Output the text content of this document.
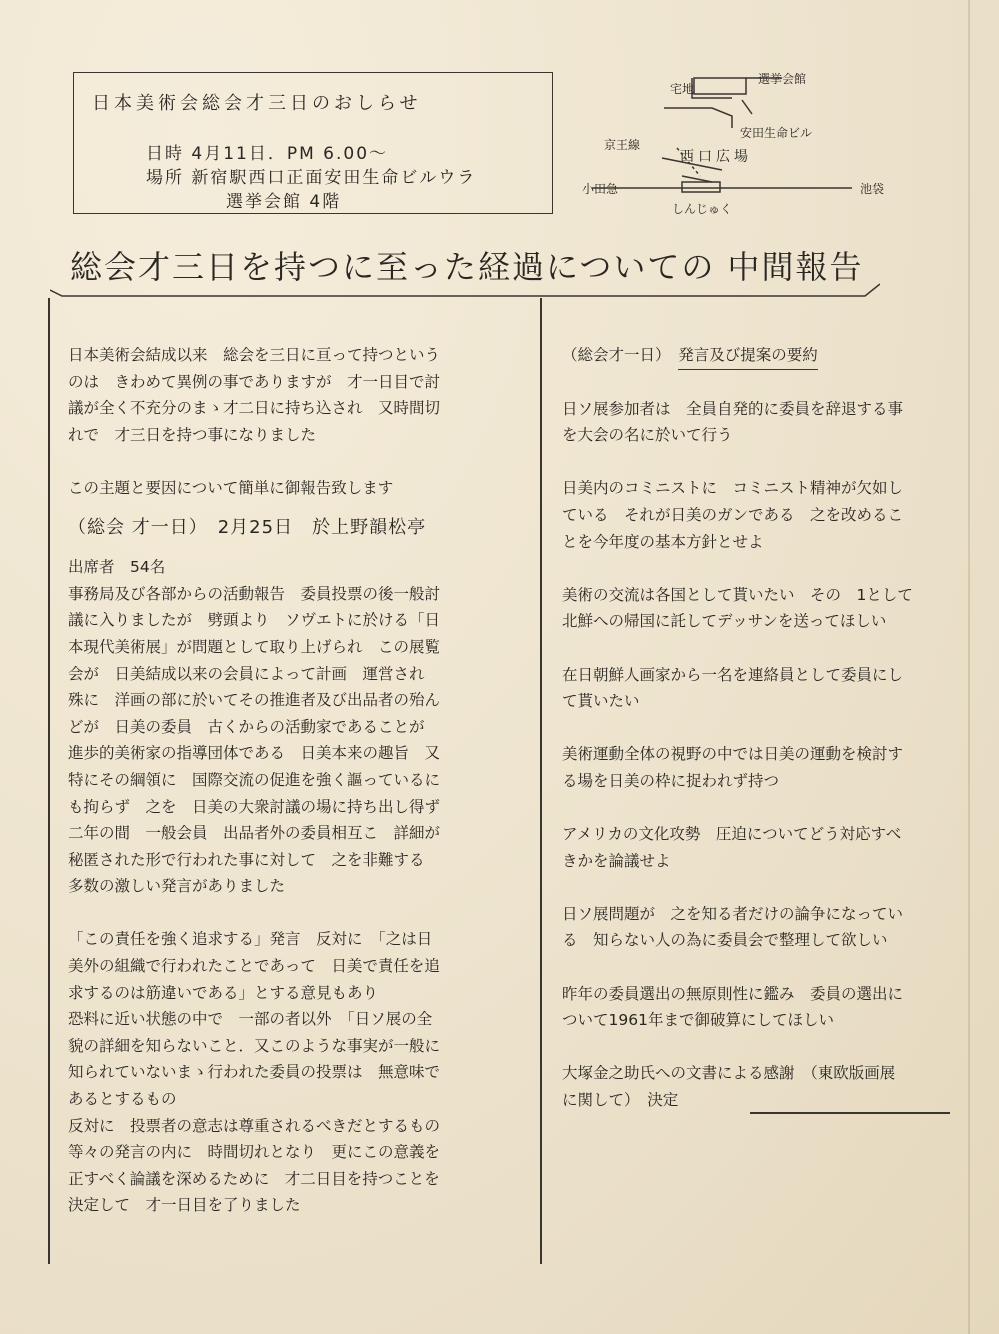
日本美術会総会才三日のおしらせ
日時 4月11日．PM 6.00〜
場所 新宿駅西口正面安田生命ビルウラ
選挙会館 4階
宅地
選挙会館
安田生命ビル
京王線
西口広場
小田急	池袋
しんじゅく
総会才三日を持つに至った経過についての 中間報告

日本美術会結成以来　総会を三日に亘って持つという

のは　きわめて異例の事でありますが　才一日目で討

議が全く不充分のまゝ才二日に持ち込され　又時間切

れで　才三日を持つ事になりました

この主題と要因について簡単に御報告致します

（総会 才一日）　 2月25日　於上野韻松亭

出席者　54名

事務局及び各部からの活動報告　委員投票の後一般討

議に入りましたが　劈頭より　ソヴエトに於ける「日

本現代美術展」が問題として取り上げられ　この展覧

会が　日美結成以来の会員によって計画　運営され

殊に　洋画の部に於いてその推進者及び出品者の殆ん

どが　日美の委員　古くからの活動家であることが

進歩的美術家の指導団体である　日美本来の趣旨　又

特にその綱領に　国際交流の促進を強く謳っているに

も拘らず　之を　日美の大衆討議の場に持ち出し得ず

二年の間　一般会員　出品者外の委員相互こ　詳細が

秘匿された形で行われた事に対して　之を非難する

多数の激しい発言がありました

「この責任を強く追求する」発言　反対に　「之は日

美外の組織で行われたことであって　日美で責任を追

求するのは筋違いである」とする意見もあり

恐料に近い状態の中で　一部の者以外　「日ソ展の全

貌の詳細を知らないこと．又このような事実が一般に

知られていないまゝ行われた委員の投票は　無意味で

あるとするもの

反対に　投票者の意志は尊重されるべきだとするもの

等々の発言の内に　時間切れとなり　更にこの意義を

正すべく論議を深めるために　才二日目を持つことを

決定して　才一日目を了りました

（総会才一日）　 発言及び提案の要約

日ソ展参加者は　全員自発的に委員を辞退する事

を大会の名に於いて行う

日美内のコミニストに　コミニスト精神が欠如し

ている　それが日美のガンである　之を改めるこ

とを今年度の基本方針とせよ

美術の交流は各国として貰いたい　その　1として

北鮮への帰国に託してデッサンを送ってほしい

在日朝鮮人画家から一名を連絡員として委員にし

て貰いたい

美術運動全体の視野の中では日美の運動を検討す

る場を日美の枠に捉われず持つ

アメリカの文化攻勢　圧迫についてどう対応すべ

きかを論議せよ

日ソ展問題が　之を知る者だけの論争になってい

る　知らない人の為に委員会で整理して欲しい

昨年の委員選出の無原則性に鑑み　委員の選出に

ついて1961年まで御破算にしてほしい

大塚金之助氏への文書による感謝　（東欧版画展

に関して）　決定
